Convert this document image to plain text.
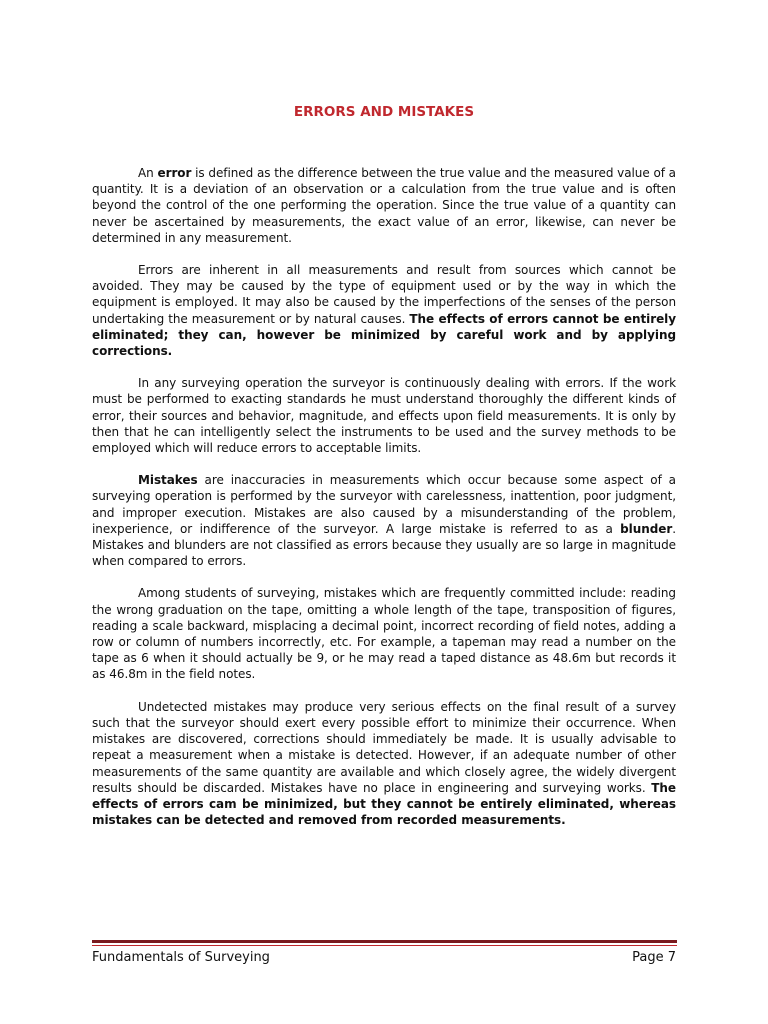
ERRORS AND MISTAKES

An error is defined as the difference between the true value and the measured value of a quantity. It is a deviation of an observation or a calculation from the true value and is often beyond the control of the one performing the operation. Since the true value of a quantity can never be ascertained by measurements, the exact value of an error, likewise, can never be determined in any measurement.

Errors are inherent in all measurements and result from sources which cannot be avoided. They may be caused by the type of equipment used or by the way in which the equipment is employed. It may also be caused by the imperfections of the senses of the person undertaking the measurement or by natural causes. The effects of errors cannot be entirely eliminated; they can, however be minimized by careful work and by applying corrections.

In any surveying operation the surveyor is continuously dealing with errors. If the work must be performed to exacting standards he must understand thoroughly the different kinds of error, their sources and behavior, magnitude, and effects upon field measurements. It is only by then that he can intelligently select the instruments to be used and the survey methods to be employed which will reduce errors to acceptable limits.

Mistakes are inaccuracies in measurements which occur because some aspect of a surveying operation is performed by the surveyor with carelessness, inattention, poor judgment, and improper execution. Mistakes are also caused by a misunderstanding of the problem, inexperience, or indifference of the surveyor. A large mistake is referred to as a blunder. Mistakes and blunders are not classified as errors because they usually are so large in magnitude when compared to errors.

Among students of surveying, mistakes which are frequently committed include: reading the wrong graduation on the tape, omitting a whole length of the tape, transposition of figures, reading a scale backward, misplacing a decimal point, incorrect recording of field notes, adding a row or column of numbers incorrectly, etc. For example, a tapeman may read a number on the tape as 6 when it should actually be 9, or he may read a taped distance as 48.6m but records it as 46.8m in the field notes.

Undetected mistakes may produce very serious effects on the final result of a survey such that the surveyor should exert every possible effort to minimize their occurrence. When mistakes are discovered, corrections should immediately be made. It is usually advisable to repeat a measurement when a mistake is detected. However, if an adequate number of other measurements of the same quantity are available and which closely agree, the widely divergent results should be discarded. Mistakes have no place in engineering and surveying works. The effects of errors cam be minimized, but they cannot be entirely eliminated, whereas mistakes can be detected and removed from recorded measurements.

Fundamentals of Surveying	Page 7
